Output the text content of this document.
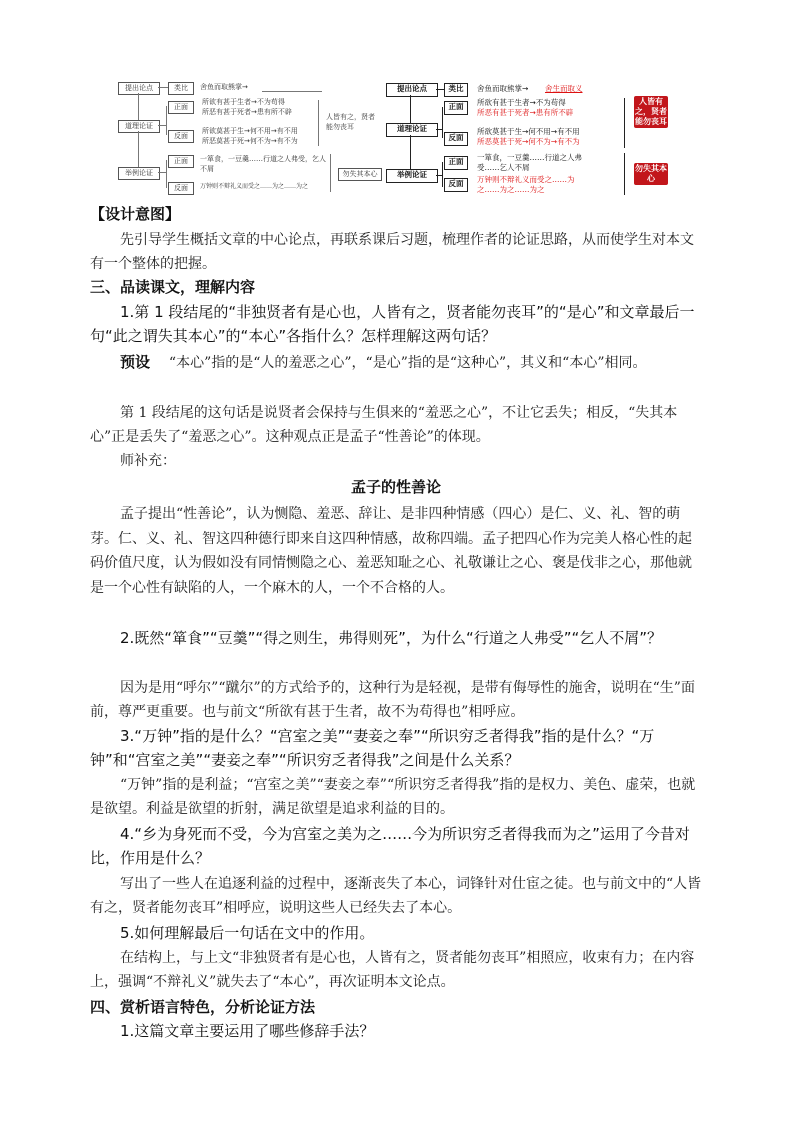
提出论点	类比	舍鱼而取熊掌→
道理论证
正面
反面
所欲有甚于生者→不为苟得
所恶有甚于死者→患有所不辟
所欲莫甚于生→何不用→有不用
所恶莫甚于死→何不为→有不为
人皆有之，贤者能勿丧耳
举例论证
正面
反面
一箪食，一豆羹……行道之人弗受，乞人不屑
万钟则不辩礼义而受之……为之……为之
勿失其本心
提出论点	类比	舍鱼而取熊掌→ 舍生而取义
道理论证
正面
反面
所欲有甚于生者→不为苟得
所恶有甚于死者→患有所不辟
所欲莫甚于生→何不用→有不用
所恶莫甚于死→何不为→有不为
人皆有之，贤者能勿丧耳
举例论证
正面
反面
一箪食，一豆羹……行道之人弗
受……乞人不屑
万钟则不辩礼义而受之……为
之……为之……为之
勿失其本心
【设计意图】
先引导学生概括文章的中心论点，再联系课后习题，梳理作者的论证思路，从而使学生对本文有一个整体的把握。
三、品读课文，理解内容
1.第 1 段结尾的“非独贤者有是心也，人皆有之，贤者能勿丧耳”的“是心”和文章最后一句“此之谓失其本心”的“本心”各指什么？怎样理解这两句话？
预设 “本心”指的是“人的羞恶之心”，“是心”指的是“这种心”，其义和“本心”相同。
第 1 段结尾的这句话是说贤者会保持与生俱来的“羞恶之心”，不让它丢失；相反，“失其本心”正是丢失了“羞恶之心”。这种观点正是孟子“性善论”的体现。
师补充：
孟子的性善论
孟子提出“性善论”，认为恻隐、羞恶、辞让、是非四种情感（四心）是仁、义、礼、智的萌芽。仁、义、礼、智这四种德行即来自这四种情感，故称四端。孟子把四心作为完美人格心性的起码价值尺度，认为假如没有同情恻隐之心、羞恶知耻之心、礼敬谦让之心、褒是伐非之心，那他就是一个心性有缺陷的人，一个麻木的人，一个不合格的人。
2.既然“箪食”“豆羹”“得之则生，弗得则死”，为什么“行道之人弗受”“乞人不屑”？
因为是用“呼尔”“蹴尔”的方式给予的，这种行为是轻视，是带有侮辱性的施舍，说明在“生”面前，尊严更重要。也与前文“所欲有甚于生者，故不为苟得也”相呼应。
3.“万钟”指的是什么？“宫室之美”“妻妾之奉”“所识穷乏者得我”指的是什么？“万钟”和“宫室之美”“妻妾之奉”“所识穷乏者得我”之间是什么关系？
“万钟”指的是利益；“宫室之美”“妻妾之奉”“所识穷乏者得我”指的是权力、美色、虚荣，也就是欲望。利益是欲望的折射，满足欲望是追求利益的目的。
4.“乡为身死而不受，今为宫室之美为之……今为所识穷乏者得我而为之”运用了今昔对比，作用是什么？
写出了一些人在追逐利益的过程中，逐渐丧失了本心，词锋针对仕宦之徒。也与前文中的“人皆有之，贤者能勿丧耳”相呼应，说明这些人已经失去了本心。
5.如何理解最后一句话在文中的作用。
在结构上，与上文“非独贤者有是心也，人皆有之，贤者能勿丧耳”相照应，收束有力；在内容上，强调“不辩礼义”就失去了“本心”，再次证明本文论点。
四、赏析语言特色，分析论证方法
1.这篇文章主要运用了哪些修辞手法？
